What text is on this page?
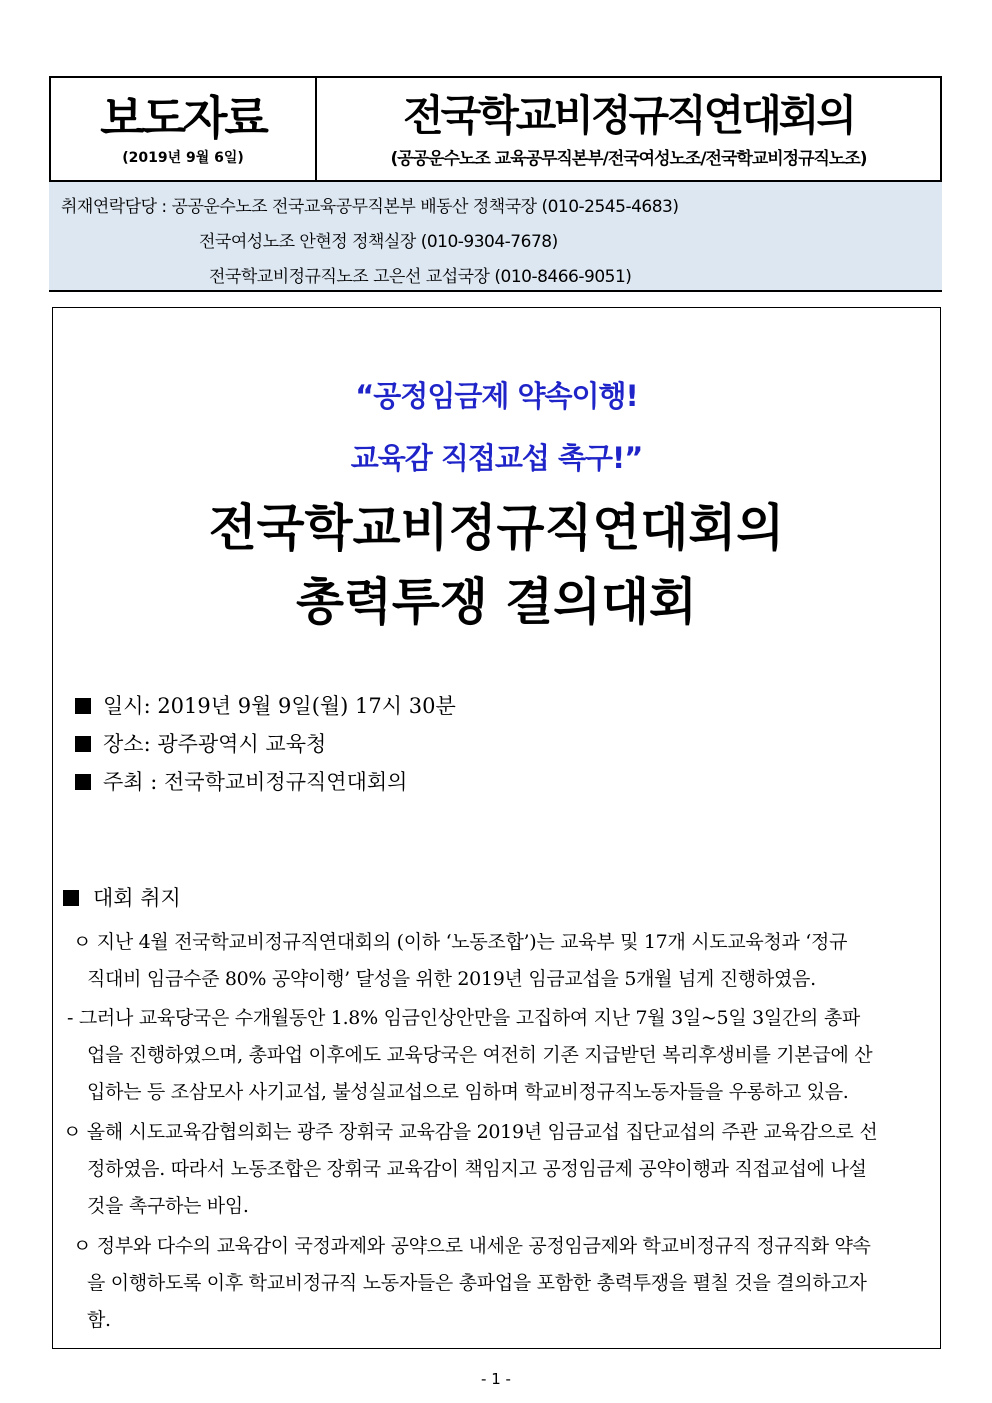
보도자료
(2019년 9월 6일)
전국학교비정규직연대회의
(공공운수노조 교육공무직본부/전국여성노조/전국학교비정규직노조)
취재연락담당 : 공공운수노조 전국교육공무직본부 배동산 정책국장 (010-2545-4683)
전국여성노조 안현정 정책실장 (010-9304-7678)
전국학교비정규직노조 고은선 교섭국장 (010-8466-9051)
“공정임금제 약속이행!
교육감 직접교섭 촉구!”
전국학교비정규직연대회의
총력투쟁 결의대회
일시: 2019년 9월 9일(월) 17시 30분
장소: 광주광역시 교육청
주최 : 전국학교비정규직연대회의
대회 취지
ㅇ 지난 4월 전국학교비정규직연대회의 (이하 ‘노동조합’)는 교육부 및 17개 시도교육청과 ‘정규
직대비 임금수준 80% 공약이행’ 달성을 위한 2019년 임금교섭을 5개월 넘게 진행하였음.
- 그러나 교육당국은 수개월동안 1.8% 임금인상안만을 고집하여 지난 7월 3일~5일 3일간의 총파
업을 진행하였으며, 총파업 이후에도 교육당국은 여전히 기존 지급받던 복리후생비를 기본급에 산
입하는 등 조삼모사 사기교섭, 불성실교섭으로 임하며 학교비정규직노동자들을 우롱하고 있음.
ㅇ 올해 시도교육감협의회는 광주 장휘국 교육감을 2019년 임금교섭 집단교섭의 주관 교육감으로 선
정하였음. 따라서 노동조합은 장휘국 교육감이 책임지고 공정임금제 공약이행과 직접교섭에 나설
것을 촉구하는 바임.
ㅇ 정부와 다수의 교육감이 국정과제와 공약으로 내세운 공정임금제와 학교비정규직 정규직화 약속
을 이행하도록 이후 학교비정규직 노동자들은 총파업을 포함한 총력투쟁을 펼칠 것을 결의하고자
함.
- 1 -
